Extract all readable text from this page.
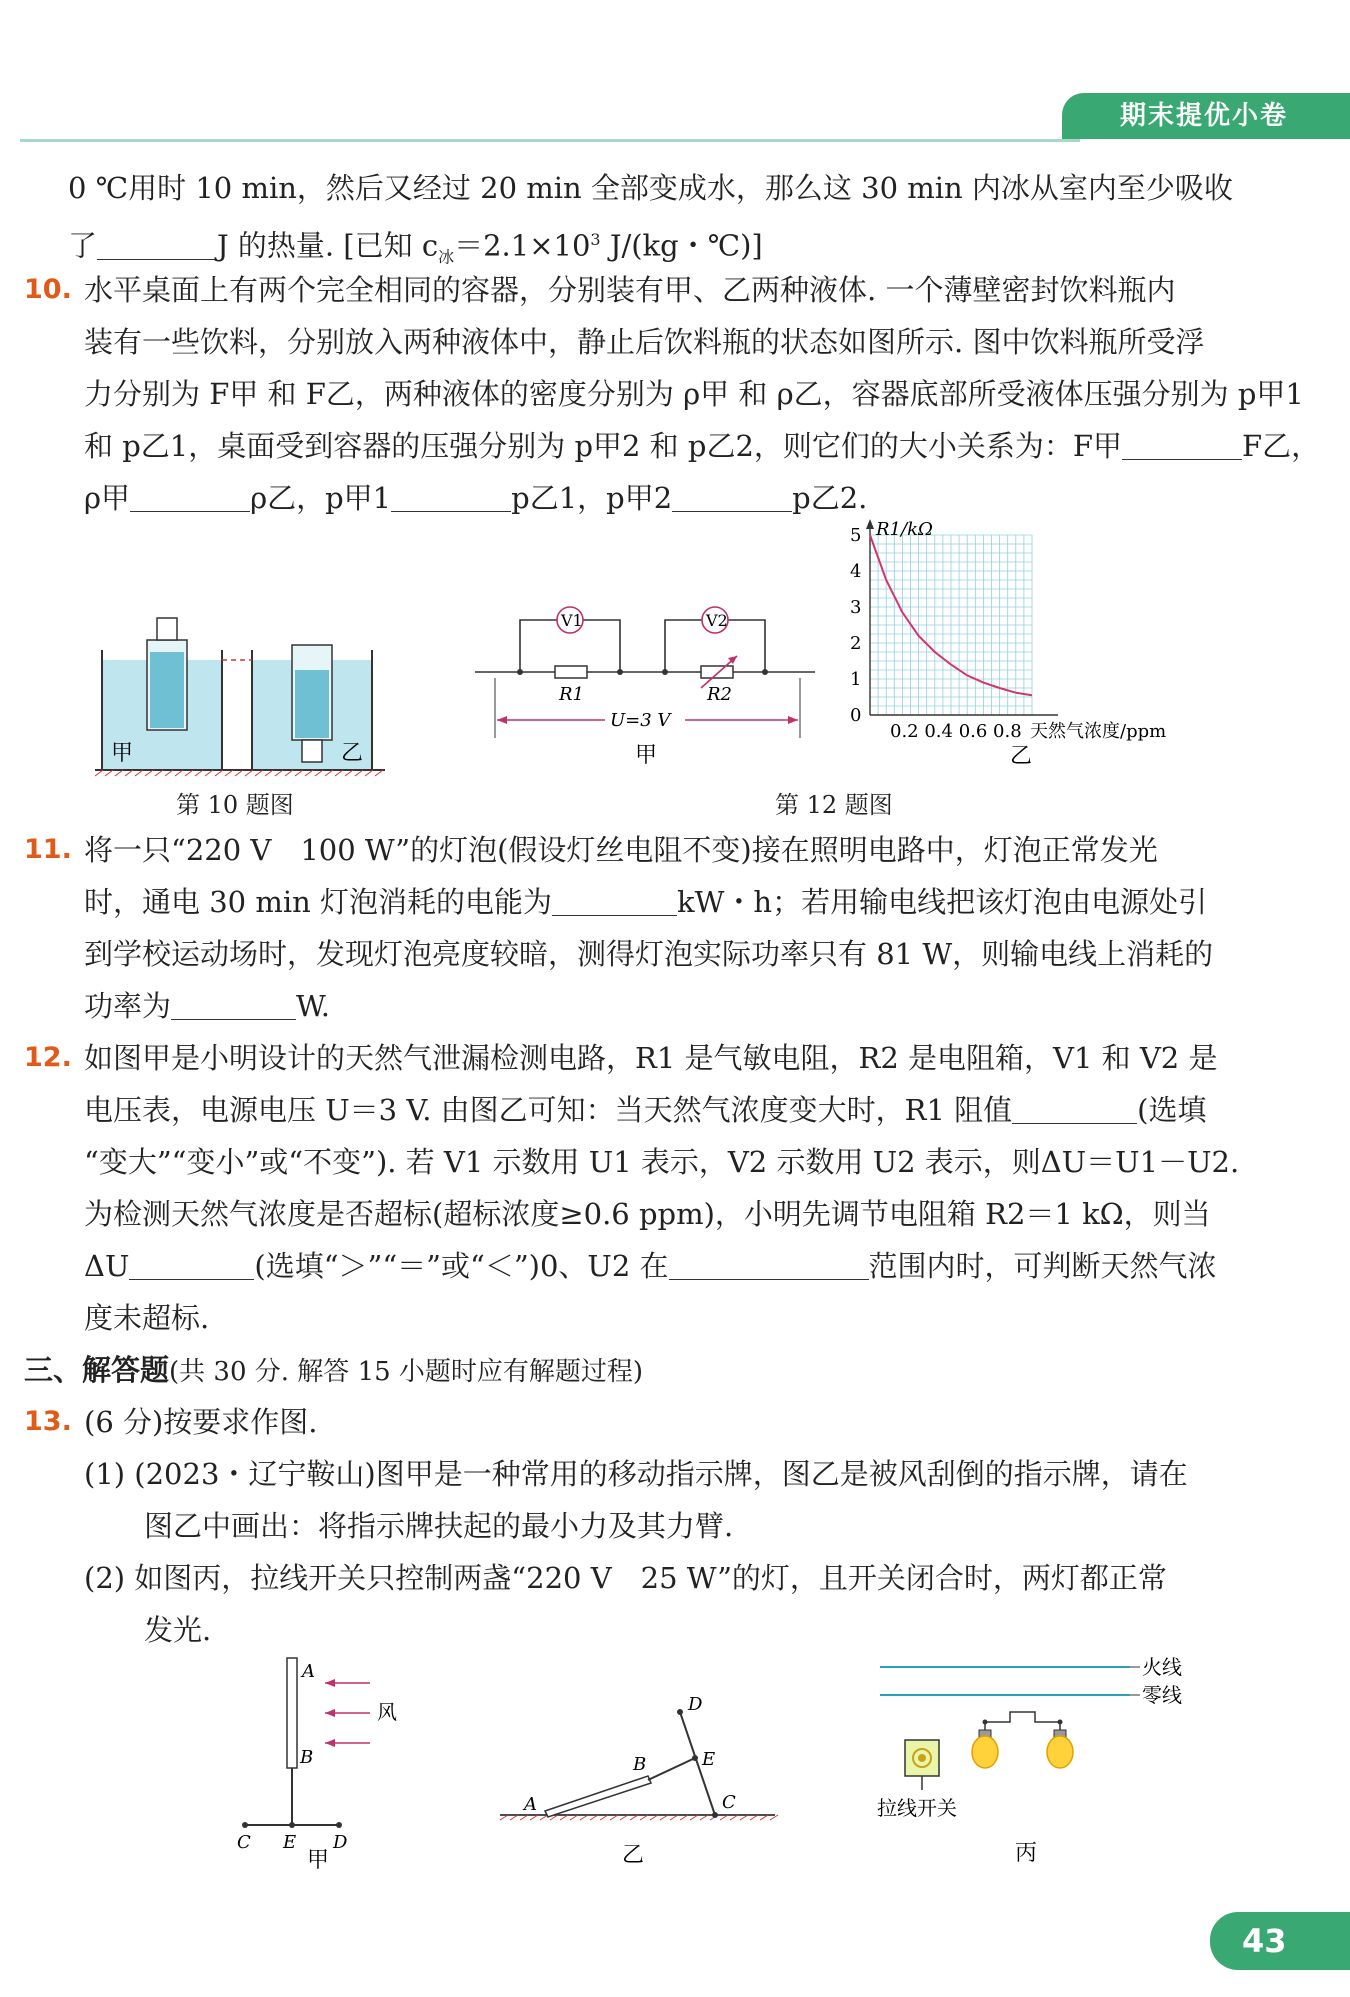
期末提优小卷
0 ℃用时 10 min，然后又经过 20 min 全部变成水，那么这 30 min 内冰从室内至少吸收
了	J 的热量. [已知 $c_冰=2.1\times 10^3$ J/(kg・℃)]
10. 水平桌面上有两个完全相同的容器，分别装有甲、乙两种液体. 一个薄壁密封饮料瓶内
装有一些饮料，分别放入两种液体中，静止后饮料瓶的状态如图所示. 图中饮料瓶所受浮
力分别为 F甲 和 F乙，两种液体的密度分别为 ρ甲 和 ρ乙，容器底部所受液体压强分别为 p甲1
和 p乙1，桌面受到容器的压强分别为 p甲2 和 p乙2，则它们的大小关系为：F甲	F乙，
ρ甲	ρ乙，p甲1	p乙1，p甲2	p乙2.
甲	乙
第 10 题图
V1	V2
R1	R2
U=3 V
甲
R1/kΩ
0
1
2
3
4
5
0.2 0.4 0.6 0.8 天然气浓度/ppm
乙
第 12 题图
11. 将一只“220 V　100 W”的灯泡(假设灯丝电阻不变)接在照明电路中，灯泡正常发光
时，通电 30 min 灯泡消耗的电能为	kW・h；若用输电线把该灯泡由电源处引
到学校运动场时，发现灯泡亮度较暗，测得灯泡实际功率只有 81 W，则输电线上消耗的
功率为	W.
12. 如图甲是小明设计的天然气泄漏检测电路，R1 是气敏电阻，R2 是电阻箱，V1 和 V2 是
电压表，电源电压 U＝3 V. 由图乙可知：当天然气浓度变大时，R1 阻值	(选填
“变大”“变小”或“不变”). 若 V1 示数用 U1 表示，V2 示数用 U2 表示，则ΔU＝U1－U2.
为检测天然气浓度是否超标(超标浓度≥0.6 ppm)，小明先调节电阻箱 R2＝1 kΩ，则当
ΔU	(选填“＞”“＝”或“＜”)0、U2 在	范围内时，可判断天然气浓
度未超标.
三、解答题(共 30 分. 解答 15 小题时应有解题过程)
13. (6 分)按要求作图.
(1) (2023・辽宁鞍山)图甲是一种常用的移动指示牌，图乙是被风刮倒的指示牌，请在
图乙中画出：将指示牌扶起的最小力及其力臂.
(2) 如图丙，拉线开关只控制两盏“220 V　25 W”的灯，且开关闭合时，两灯都正常
发光.
A
B
C E D
风
甲
A
B
D
E
C
乙
火线
零线
拉线开关
丙
43
